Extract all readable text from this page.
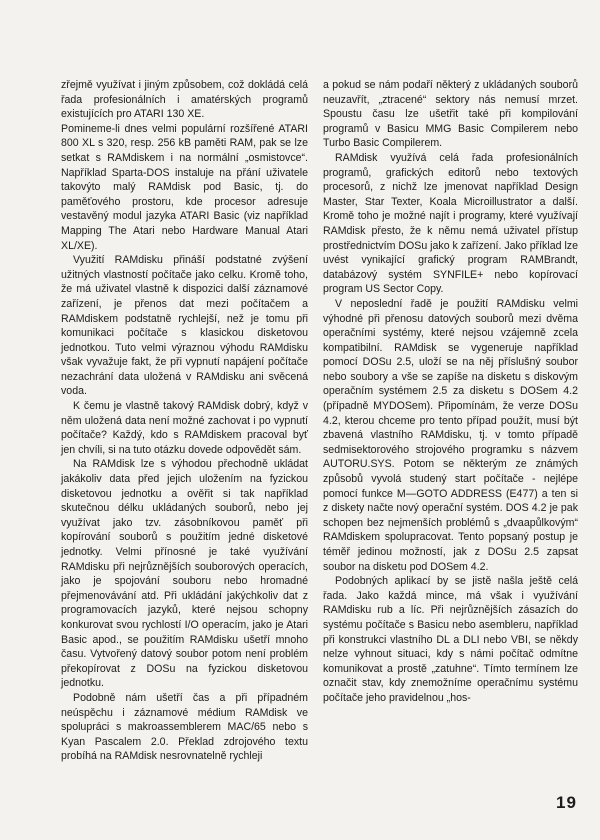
zřejmě využívat i jiným způsobem, což dokládá celá řada profesionálních i amatérských programů existujících pro ATARI 130 XE.

Pomineme-li dnes velmi populární rozšířené ATARI 800 XL s 320, resp. 256 kB paměti RAM, pak se lze setkat s RAMdiskem i na normální „osmistovce“. Například Sparta-DOS instaluje na přání uživatele takovýto malý RAMdisk pod Basic, tj. do paměťového prostoru, kde procesor adresuje vestavěný modul jazyka ATARI Basic (viz například Mapping The Atari nebo Hardware Manual Atari XL/XE).

Využití RAMdisku přináší podstatné zvýšení užitných vlastností počítače jako celku. Kromě toho, že má uživatel vlastně k dispozici další záznamové zařízení, je přenos dat mezi počítačem a RAMdiskem podstatně rychlejší, než je tomu při komunikaci počítače s klasickou disketovou jednotkou. Tuto velmi výraznou výhodu RAMdisku však vyvažuje fakt, že při vypnutí napájení počítače nezachrání data uložená v RAMdisku ani svěcená voda.

K čemu je vlastně takový RAMdisk dobrý, když v něm uložená data není možné zachovat i po vypnutí počítače? Každý, kdo s RAMdiskem pracoval byť jen chvíli, si na tuto otázku dovede odpovědět sám.

Na RAMdisk lze s výhodou přechodně ukládat jakákoliv data před jejich uložením na fyzickou disketovou jednotku a ověřit si tak například skutečnou délku ukládaných souborů, nebo jej využívat jako tzv. zásobníkovou paměť při kopírování souborů s použitím jedné disketové jednotky. Velmi přínosné je také využívání RAMdisku při nejrůznějších souborových operacích, jako je spojování souboru nebo hromadné přejmenovávání atd. Při ukládání jakýchkoliv dat z programovacích jazyků, které nejsou schopny konkurovat svou rychlostí I/O operacím, jako je Atari Basic apod., se použitím RAMdisku ušetří mnoho času. Vytvořený datový soubor potom není problém překopírovat z DOSu na fyzickou disketovou jednotku.

Podobně nám ušetří čas a při případném neúspěchu i záznamové médium RAMdisk ve spolupráci s makroassemblerem MAC/65 nebo s Kyan Pascalem 2.0. Překlad zdrojového textu probíhá na RAMdisk nesrovnatelně rychleji

a pokud se nám podaří některý z ukládaných souborů neuzavřít, „ztracené“ sektory nás nemusí mrzet. Spoustu času lze ušetřit také při kompilování programů v Basicu MMG Basic Compilerem nebo Turbo Basic Compilerem.

RAMdisk využívá celá řada profesionálních programů, grafických editorů nebo textových procesorů, z nichž lze jmenovat například Design Master, Star Texter, Koala Microillustrator a další. Kromě toho je možné najít i programy, které využívají RAMdisk přesto, že k němu nemá uživatel přístup prostřednictvím DOSu jako k zařízení. Jako příklad lze uvést vynikající grafický program RAMBrandt, databázový systém SYNFILE+ nebo kopírovací program US Sector Copy.

V neposlední řadě je použití RAMdisku velmi výhodné při přenosu datových souborů mezi dvěma operačními systémy, které nejsou vzájemně zcela kompatibilní. RAMdisk se vygeneruje například pomocí DOSu 2.5, uloží se na něj příslušný soubor nebo soubory a vše se zapíše na disketu s diskovým operačním systémem 2.5 za disketu s DOSem 4.2 (případně MYDOSem). Připomínám, že verze DOSu 4.2, kterou chceme pro tento případ použít, musí být zbavená vlastního RAMdisku, tj. v tomto případě sedmisektorového strojového programku s názvem AUTORU.SYS. Potom se některým ze známých způsobů vyvolá studený start počítače - nejlépe pomocí funkce M—GOTO ADDRESS (E477) a ten si z diskety načte nový operační systém. DOS 4.2 je pak schopen bez nejmenších problémů s „dvaapůlkovým“ RAMdiskem spolupracovat. Tento popsaný postup je téměř jedinou možností, jak z DOSu 2.5 zapsat soubor na disketu pod DOSem 4.2.

Podobných aplikací by se jistě našla ještě celá řada. Jako každá mince, má však i využívání RAMdisku rub a líc. Při nejrůznějších zásazích do systému počítače s Basicu nebo asembleru, například při konstrukci vlastního DL a DLI nebo VBI, se někdy nelze vyhnout situaci, kdy s námi počítač odmítne komunikovat a prostě „zatuhne“. Tímto termínem lze označit stav, kdy znemožníme operačnímu systému počítače jeho pravidelnou „hos-

19
